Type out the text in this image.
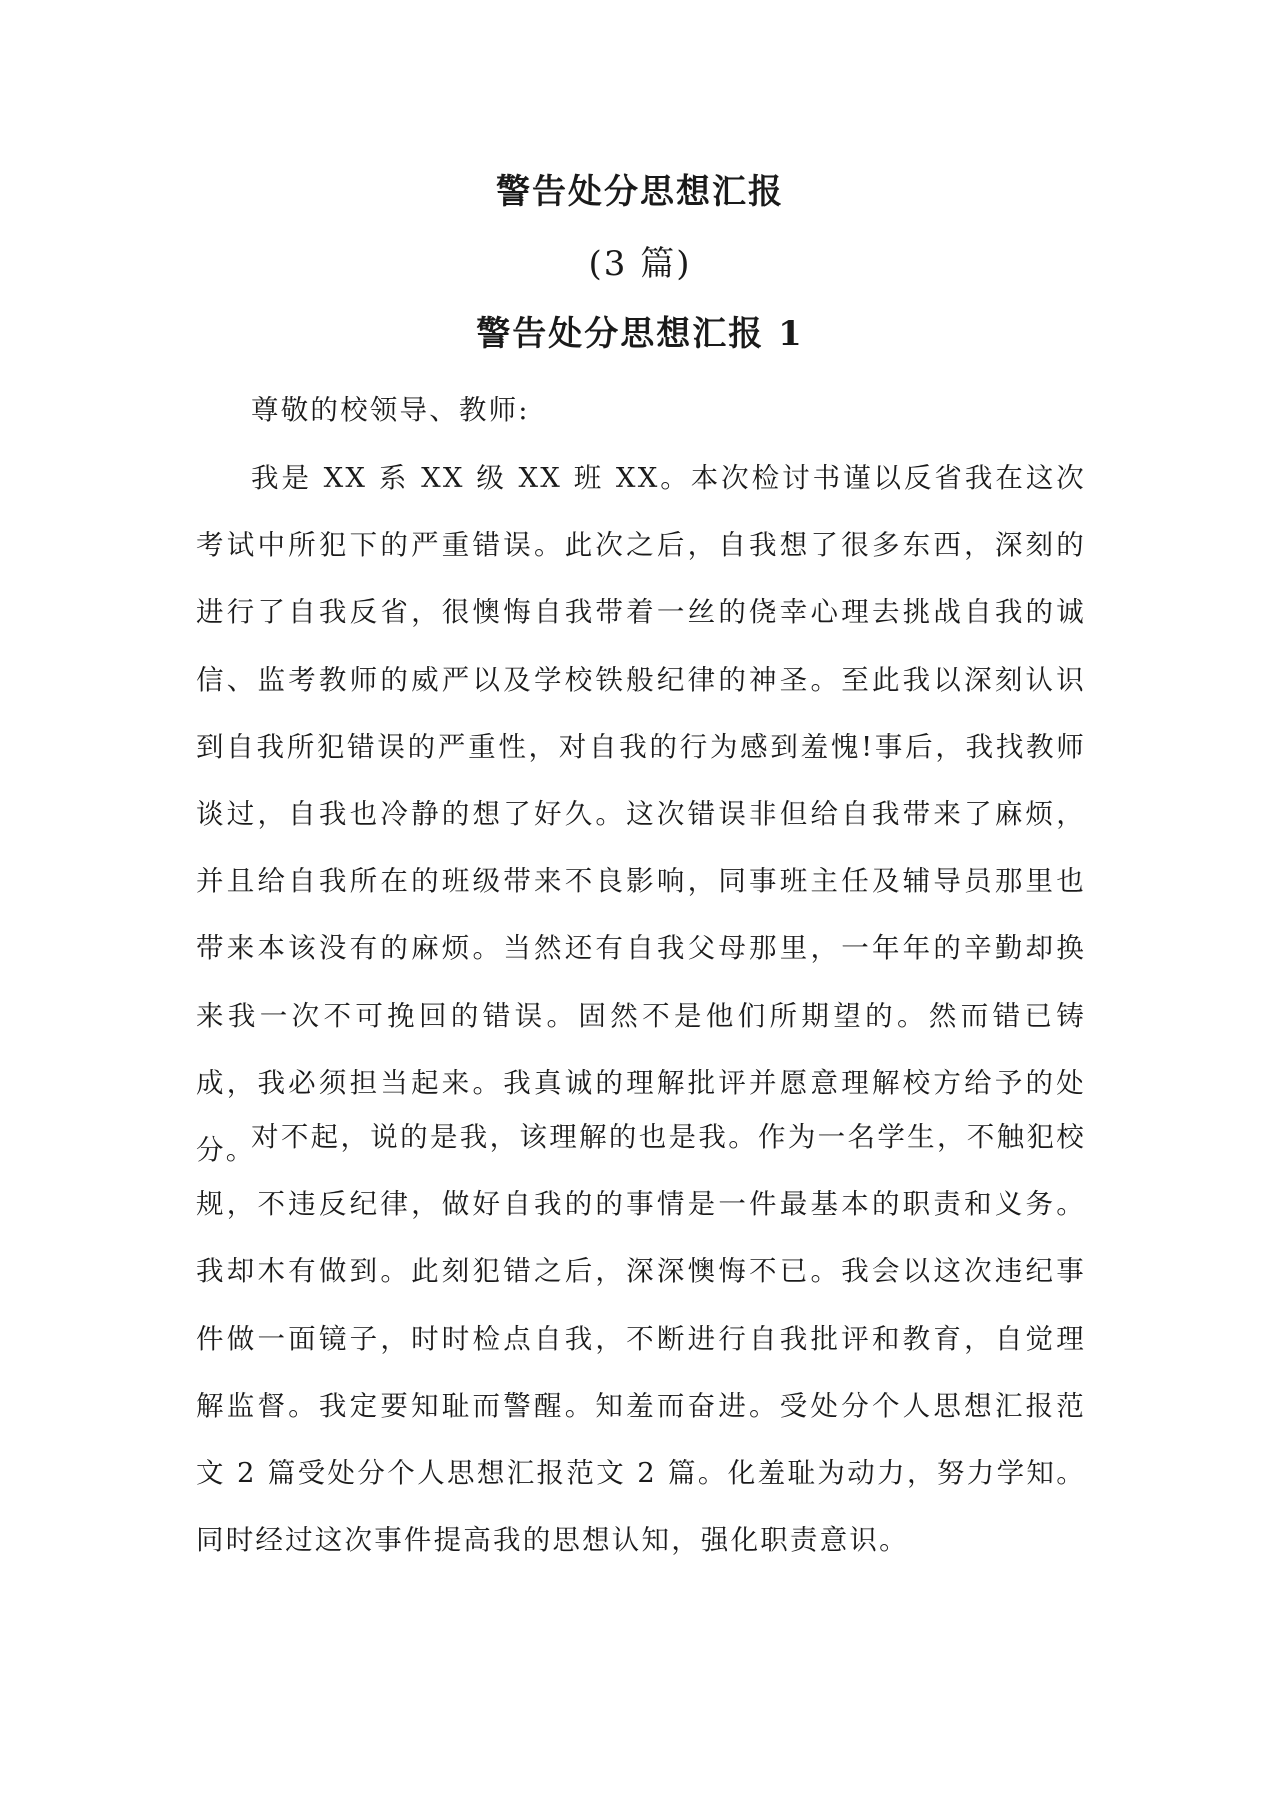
警告处分思想汇报
(3 篇)
警告处分思想汇报 1

尊敬的校领导、教师:

我是 XX 系 XX 级 XX 班 XX。本次检讨书谨以反省我在这次考试中所犯下的严重错误。此次之后，自我想了很多东西，深刻的进行了自我反省，很懊悔自我带着一丝的侥幸心理去挑战自我的诚信、监考教师的威严以及学校铁般纪律的神圣。至此我以深刻认识到自我所犯错误的严重性，对自我的行为感到羞愧!事后，我找教师谈过，自我也冷静的想了好久。这次错误非但给自我带来了麻烦，并且给自我所在的班级带来不良影响，同事班主任及辅导员那里也带来本该没有的麻烦。当然还有自我父母那里，一年年的辛勤却换来我一次不可挽回的错误。固然不是他们所期望的。然而错已铸成，我必须担当起来。我真诚的理解批评并愿意理解校方给予的处分。

对不起，说的是我，该理解的也是我。作为一名学生，不触犯校规，不违反纪律，做好自我的的事情是一件最基本的职责和义务。我却木有做到。此刻犯错之后，深深懊悔不已。我会以这次违纪事件做一面镜子，时时检点自我，不断进行自我批评和教育，自觉理解监督。我定要知耻而警醒。知羞而奋进。受处分个人思想汇报范文 2 篇受处分个人思想汇报范文 2 篇。化羞耻为动力，努力学知。同时经过这次事件提高我的思想认知，强化职责意识。
